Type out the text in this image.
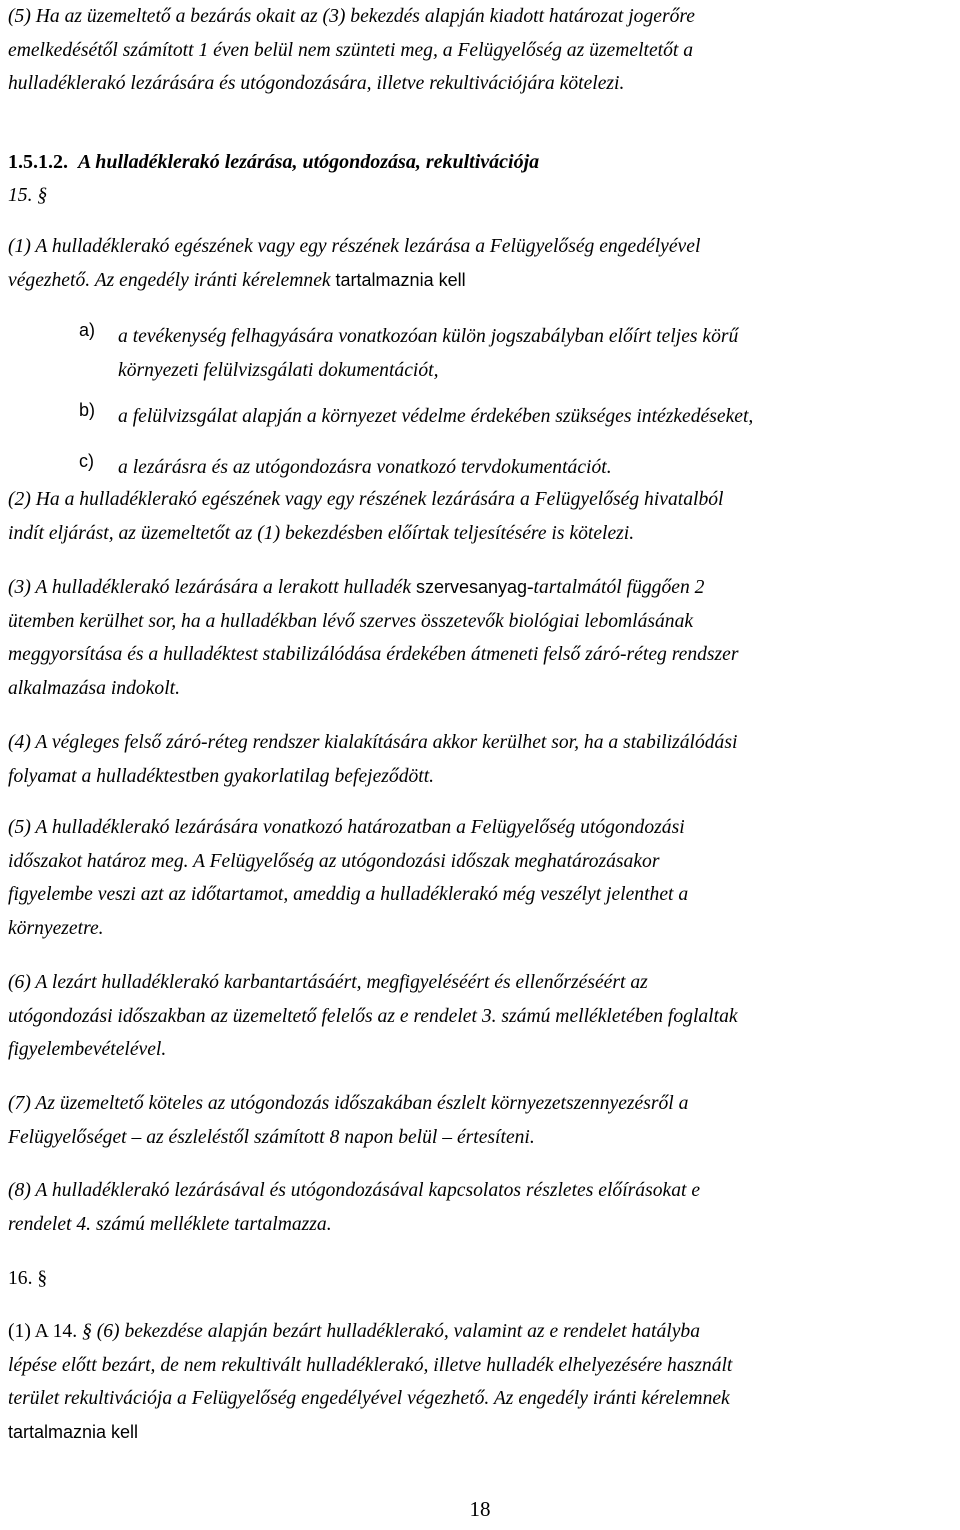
(5) Ha az üzemeltető a bezárás okait az (3) bekezdés alapján kiadott határozat jogerőre

emelkedésétől számított 1 éven belül nem szünteti meg, a Felügyelőség az üzemeltetőt a

hulladéklerakó lezárására és utógondozására, illetve rekultivációjára kötelezi.

1.5.1.2. A hulladéklerakó lezárása, utógondozása, rekultivációja

15. §

(1) A hulladéklerakó egészének vagy egy részének lezárása a Felügyelőség engedélyével

végezhető. Az engedély iránti kérelemnek tartalmaznia kell

a) a tevékenység felhagyására vonatkozóan külön jogszabályban előírt teljes körű

környezeti felülvizsgálati dokumentációt,

b) a felülvizsgálat alapján a környezet védelme érdekében szükséges intézkedéseket,

c) a lezárásra és az utógondozásra vonatkozó tervdokumentációt.

(2) Ha a hulladéklerakó egészének vagy egy részének lezárására a Felügyelőség hivatalból

indít eljárást, az üzemeltetőt az (1) bekezdésben előírtak teljesítésére is kötelezi.

(3) A hulladéklerakó lezárására a lerakott hulladék szervesanyag-tartalmától függően 2

ütemben kerülhet sor, ha a hulladékban lévő szerves összetevők biológiai lebomlásának

meggyorsítása és a hulladéktest stabilizálódása érdekében átmeneti felső záró-réteg rendszer

alkalmazása indokolt.

(4) A végleges felső záró-réteg rendszer kialakítására akkor kerülhet sor, ha a stabilizálódási

folyamat a hulladéktestben gyakorlatilag befejeződött.

(5) A hulladéklerakó lezárására vonatkozó határozatban a Felügyelőség utógondozási

időszakot határoz meg. A Felügyelőség az utógondozási időszak meghatározásakor

figyelembe veszi azt az időtartamot, ameddig a hulladéklerakó még veszélyt jelenthet a

környezetre.

(6) A lezárt hulladéklerakó karbantartásáért, megfigyeléséért és ellenőrzéséért az

utógondozási időszakban az üzemeltető felelős az e rendelet 3. számú mellékletében foglaltak

figyelembevételével.

(7) Az üzemeltető köteles az utógondozás időszakában észlelt környezetszennyezésről a

Felügyelőséget – az észleléstől számított 8 napon belül – értesíteni.

(8) A hulladéklerakó lezárásával és utógondozásával kapcsolatos részletes előírásokat e

rendelet 4. számú melléklete tartalmazza.

16. §

(1) A 14. § (6) bekezdése alapján bezárt hulladéklerakó, valamint az e rendelet hatályba

lépése előtt bezárt, de nem rekultivált hulladéklerakó, illetve hulladék elhelyezésére használt

terület rekultivációja a Felügyelőség engedélyével végezhető. Az engedély iránti kérelemnek

tartalmaznia kell

18
